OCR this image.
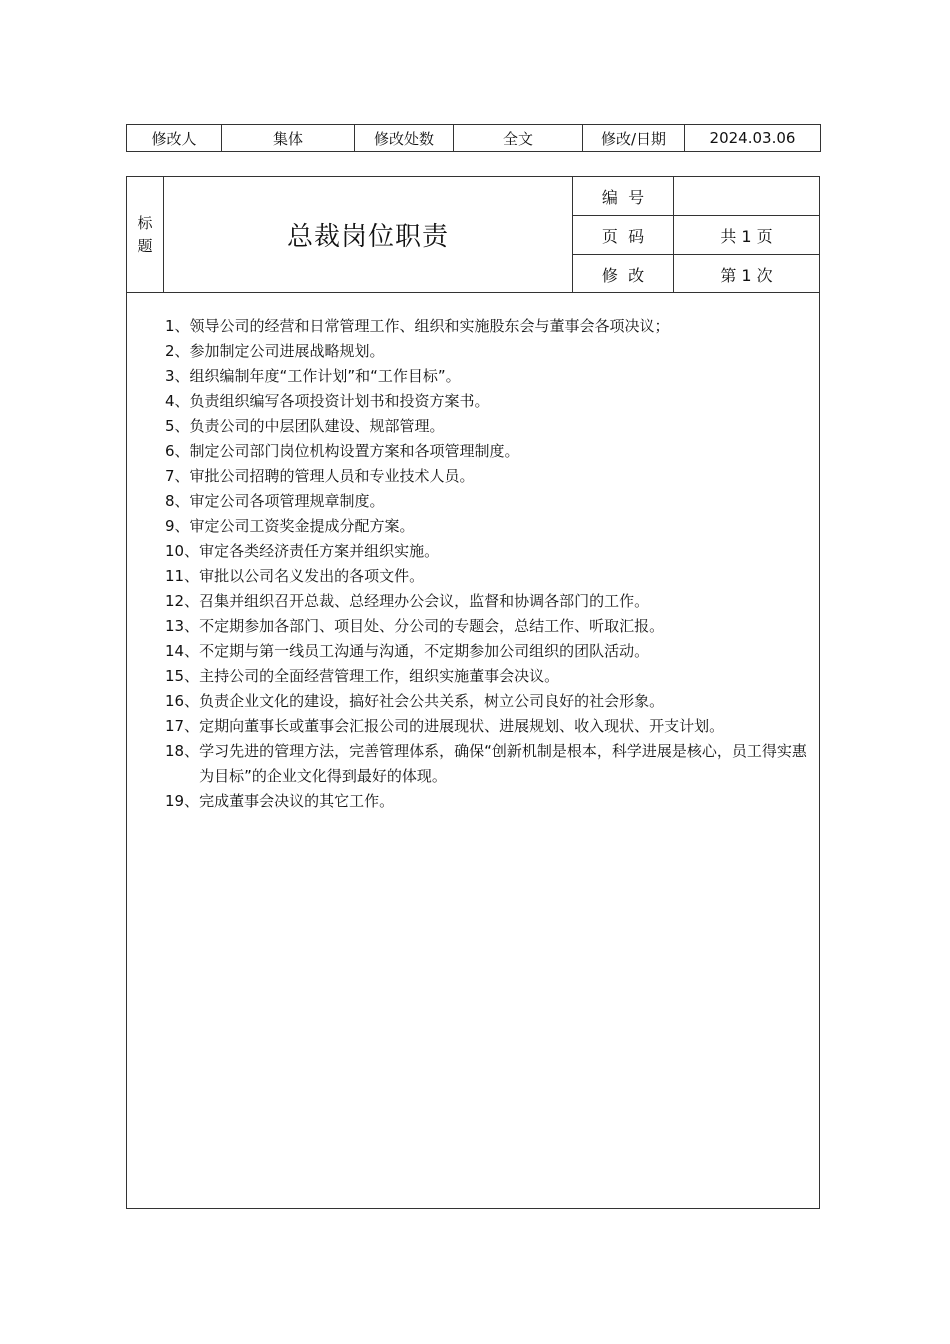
修改人	集体	修改处数	全文	修改/日期	2024.03.06
标题	总裁岗位职责
编  号
页  码	共 1 页
修  改	第 1 次
1、 领导公司的经营和日常管理工作、组织和实施股东会与董事会各项决议；
2、 参加制定公司进展战略规划。
3、 组织编制年度“工作计划”和“工作目标”。
4、 负责组织编写各项投资计划书和投资方案书。
5、 负责公司的中层团队建设、规部管理。
6、 制定公司部门岗位机构设置方案和各项管理制度。
7、 审批公司招聘的管理人员和专业技术人员。
8、 审定公司各项管理规章制度。
9、 审定公司工资奖金提成分配方案。
10、 审定各类经济责任方案并组织实施。
11、 审批以公司名义发出的各项文件。
12、 召集并组织召开总裁、总经理办公会议，监督和协调各部门的工作。
13、 不定期参加各部门、项目处、分公司的专题会，总结工作、听取汇报。
14、 不定期与第一线员工沟通与沟通，不定期参加公司组织的团队活动。
15、 主持公司的全面经营管理工作，组织实施董事会决议。
16、 负责企业文化的建设，搞好社会公共关系，树立公司良好的社会形象。
17、 定期向董事长或董事会汇报公司的进展现状、进展规划、收入现状、开支计划。
18、 学习先进的管理方法，完善管理体系，确保“创新机制是根本，科学进展是核心，员工得实惠为目标”的企业文化得到最好的体现。
19、 完成董事会决议的其它工作。
